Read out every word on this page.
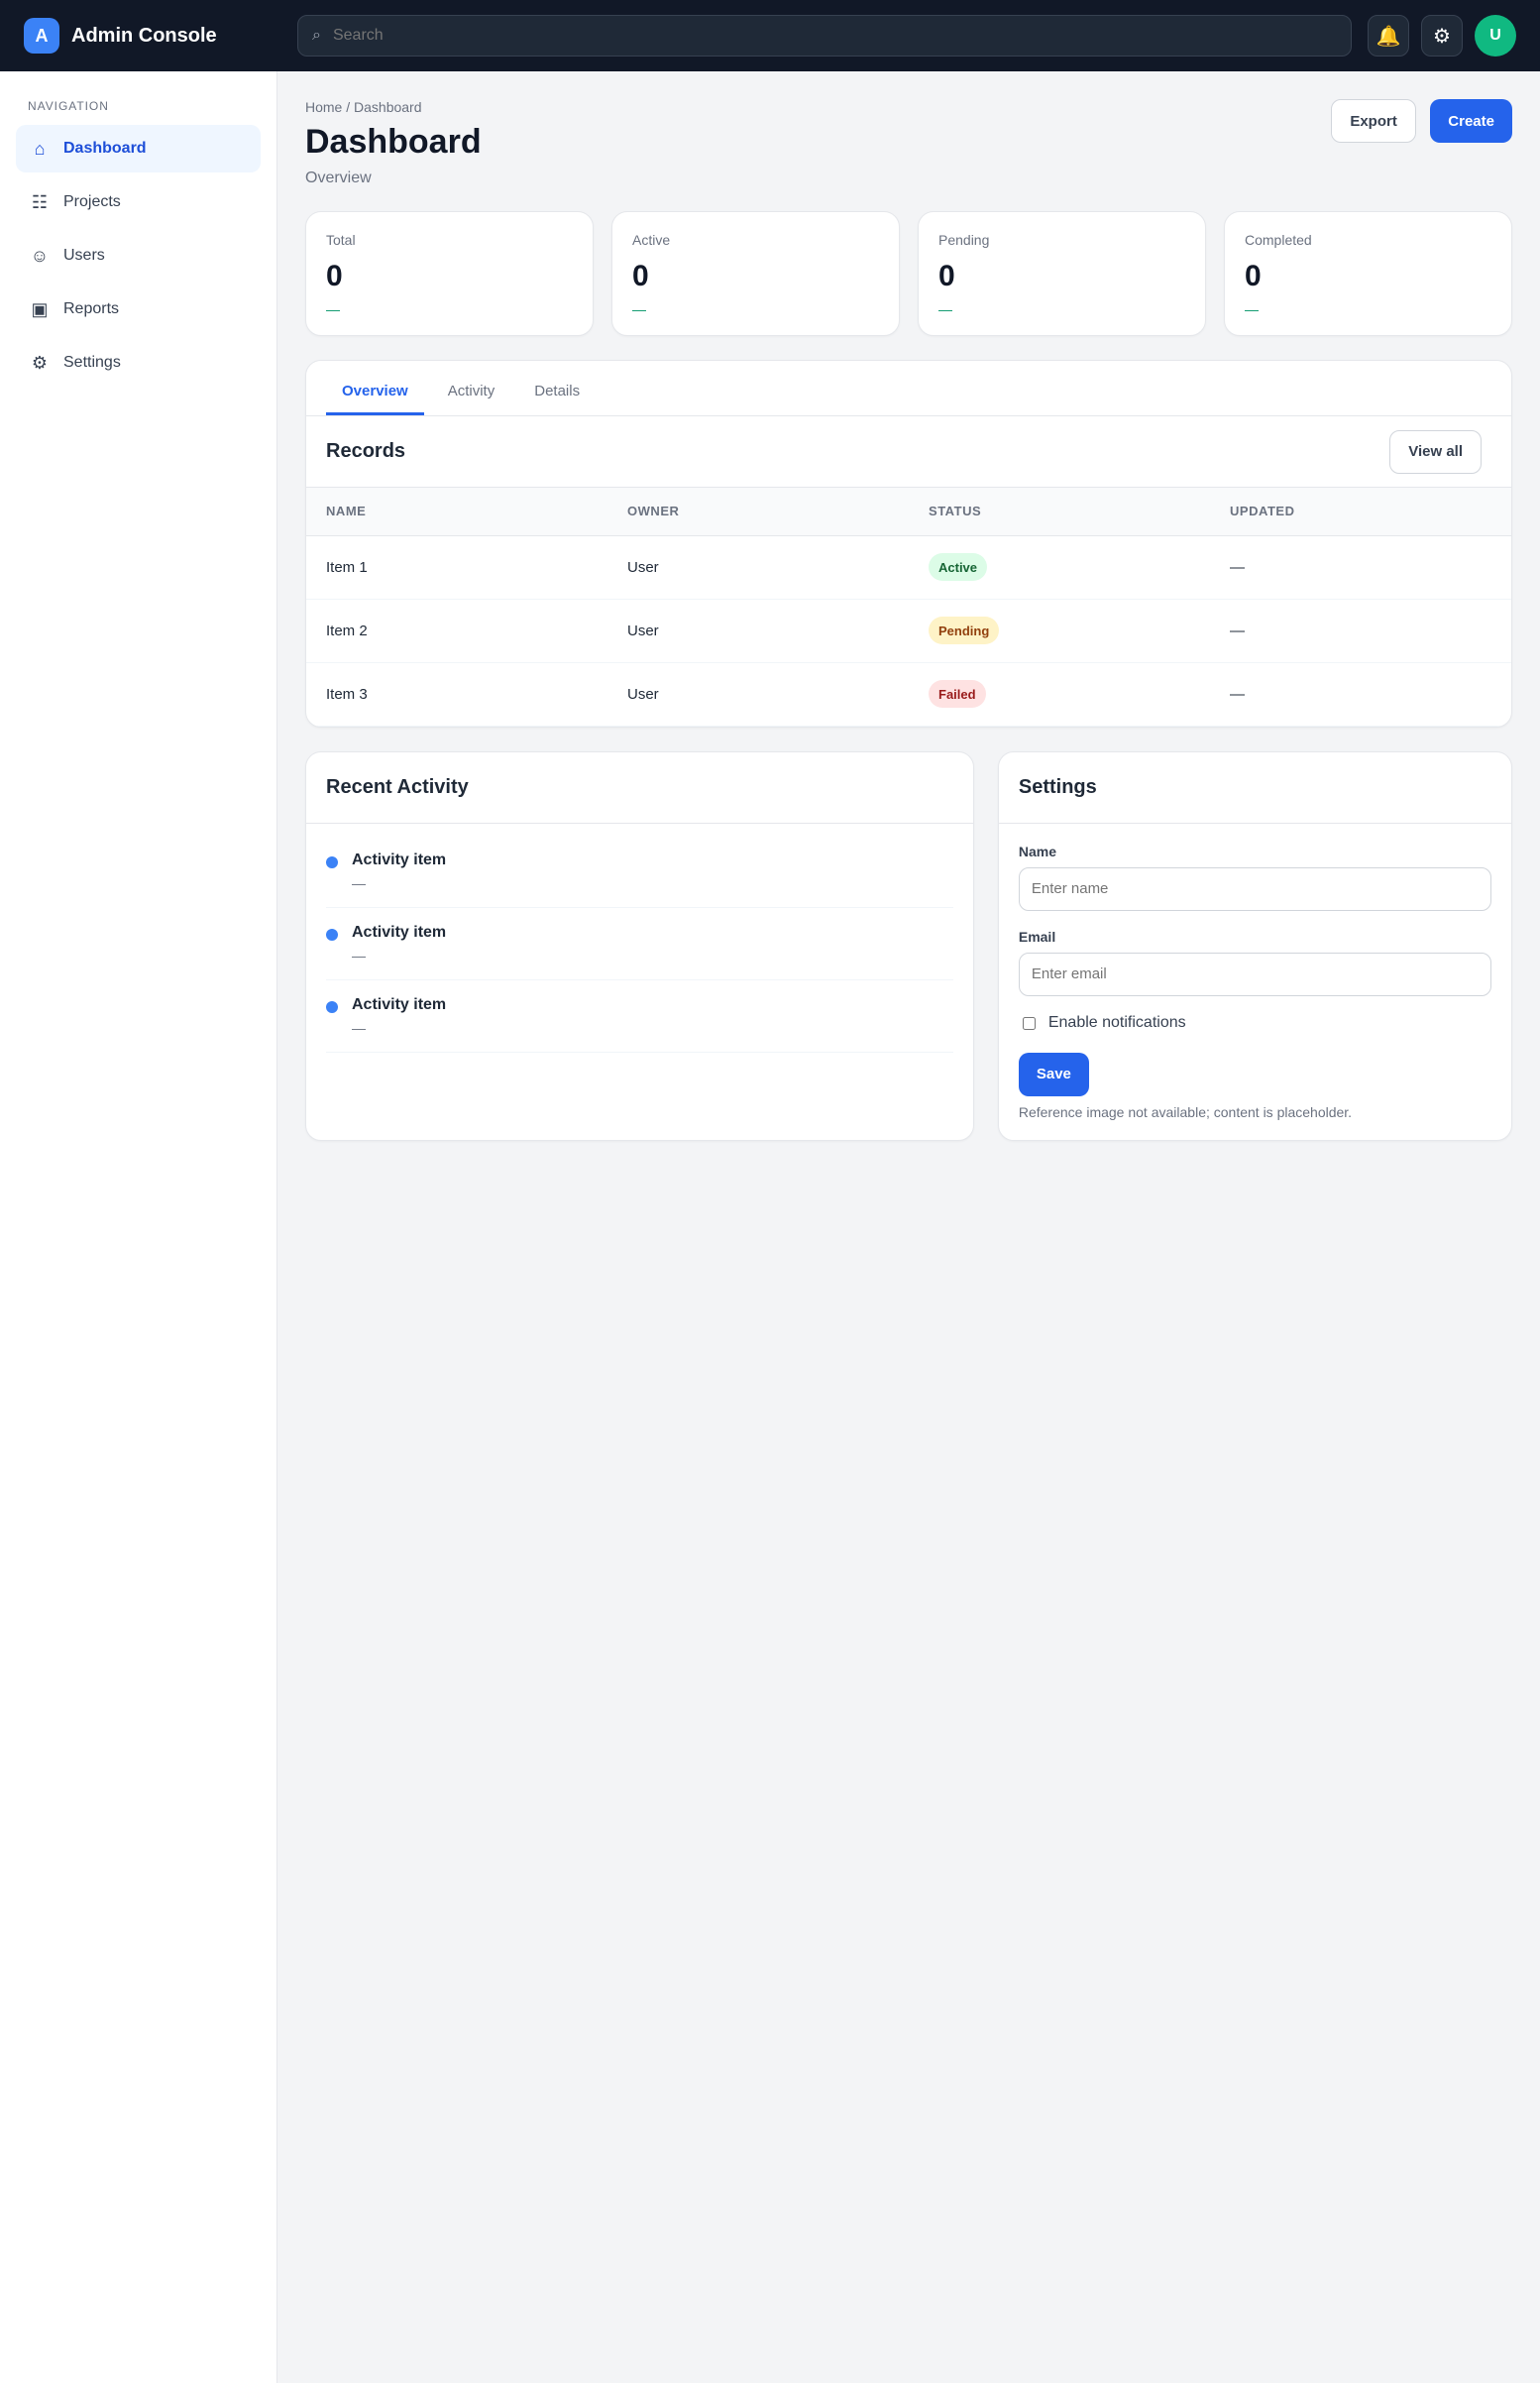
A	Admin Console	⌕
Search	🔔	⚙	U
NAVIGATION
⌂	Dashboard
☷ Projects
☺ Users
▣ Reports
⚙ Settings
Home / Dashboard
Dashboard
Overview
Export	Create
Total
0
—
Active
0
—
Pending
0
—
Completed
0
—
Overview	Activity	Details
Records	View all
NAME	OWNER	STATUS	UPDATED
Item 1	User	Active	—
Item 2	User	Pending	—
Item 3	User	Failed	—
Recent Activity
Activity item
—
Activity item
—
Activity item
—
Settings
Name
Enter name
Email
Enter email
Enable notifications
Save
Reference image not available; content is placeholder.
